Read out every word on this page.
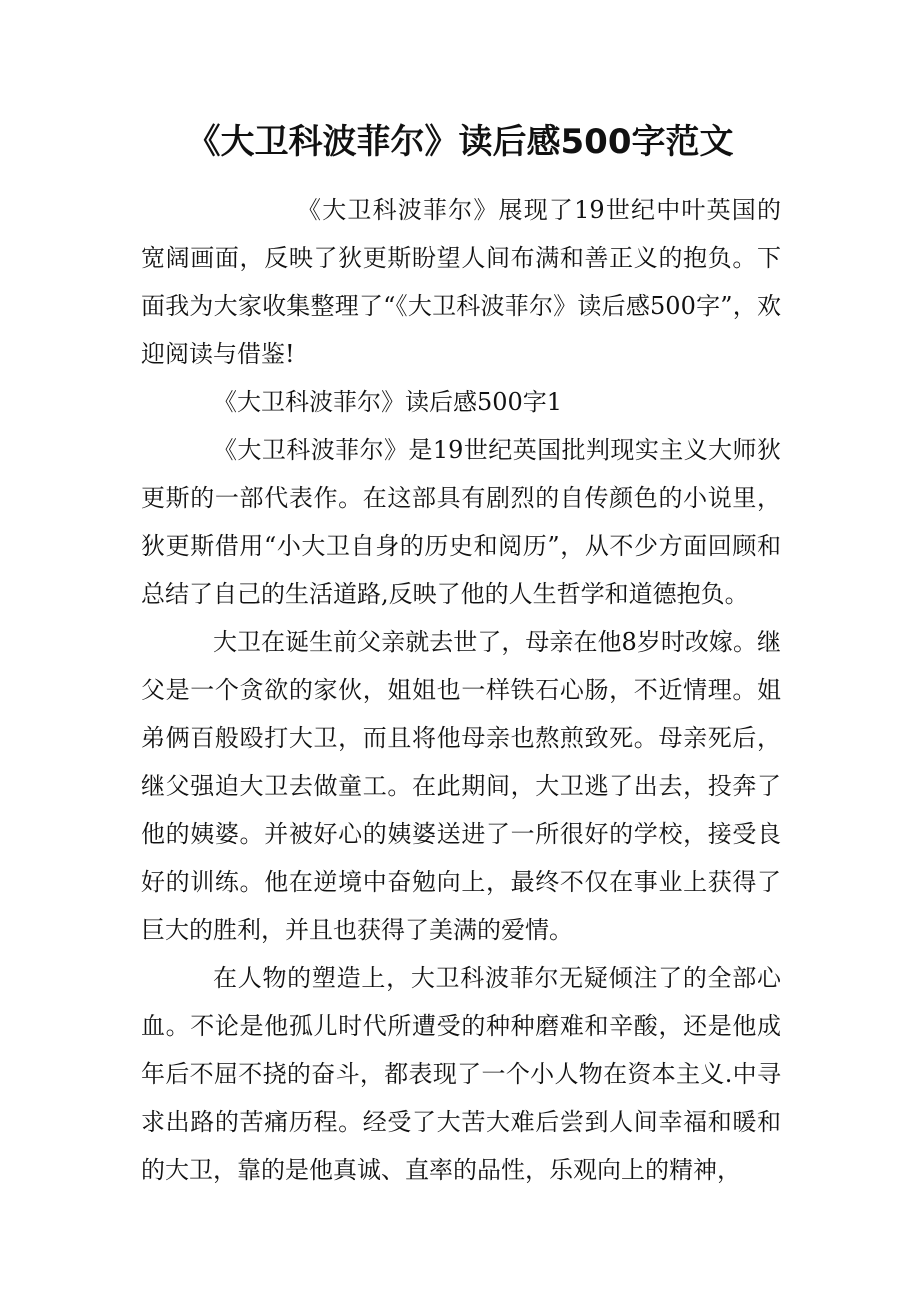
《大卫科波菲尔》读后感500字范文

《大卫科波菲尔》展现了19世纪中叶英国的宽阔画面，反映了狄更斯盼望人间布满和善正义的抱负。下面我为大家收集整理了“《大卫科波菲尔》读后感500字”，欢迎阅读与借鉴!

《大卫科波菲尔》读后感500字1

《大卫科波菲尔》是19世纪英国批判现实主义大师狄更斯的一部代表作。在这部具有剧烈的自传颜色的小说里，狄更斯借用“小大卫自身的历史和阅历”，从不少方面回顾和总结了自己的生活道路,反映了他的人生哲学和道德抱负。

大卫在诞生前父亲就去世了，母亲在他8岁时改嫁。继父是一个贪欲的家伙，姐姐也一样铁石心肠，不近情理。姐弟俩百般殴打大卫，而且将他母亲也熬煎致死。母亲死后，继父强迫大卫去做童工。在此期间，大卫逃了出去，投奔了他的姨婆。并被好心的姨婆送进了一所很好的学校，接受良好的训练。他在逆境中奋勉向上，最终不仅在事业上获得了巨大的胜利，并且也获得了美满的爱情。

在人物的塑造上，大卫科波菲尔无疑倾注了的全部心血。不论是他孤儿时代所遭受的种种磨难和辛酸，还是他成年后不屈不挠的奋斗，都表现了一个小人物在资本主义.中寻求出路的苦痛历程。经受了大苦大难后尝到人间幸福和暖和的大卫，靠的是他真诚、直率的品性，乐观向上的精神，
